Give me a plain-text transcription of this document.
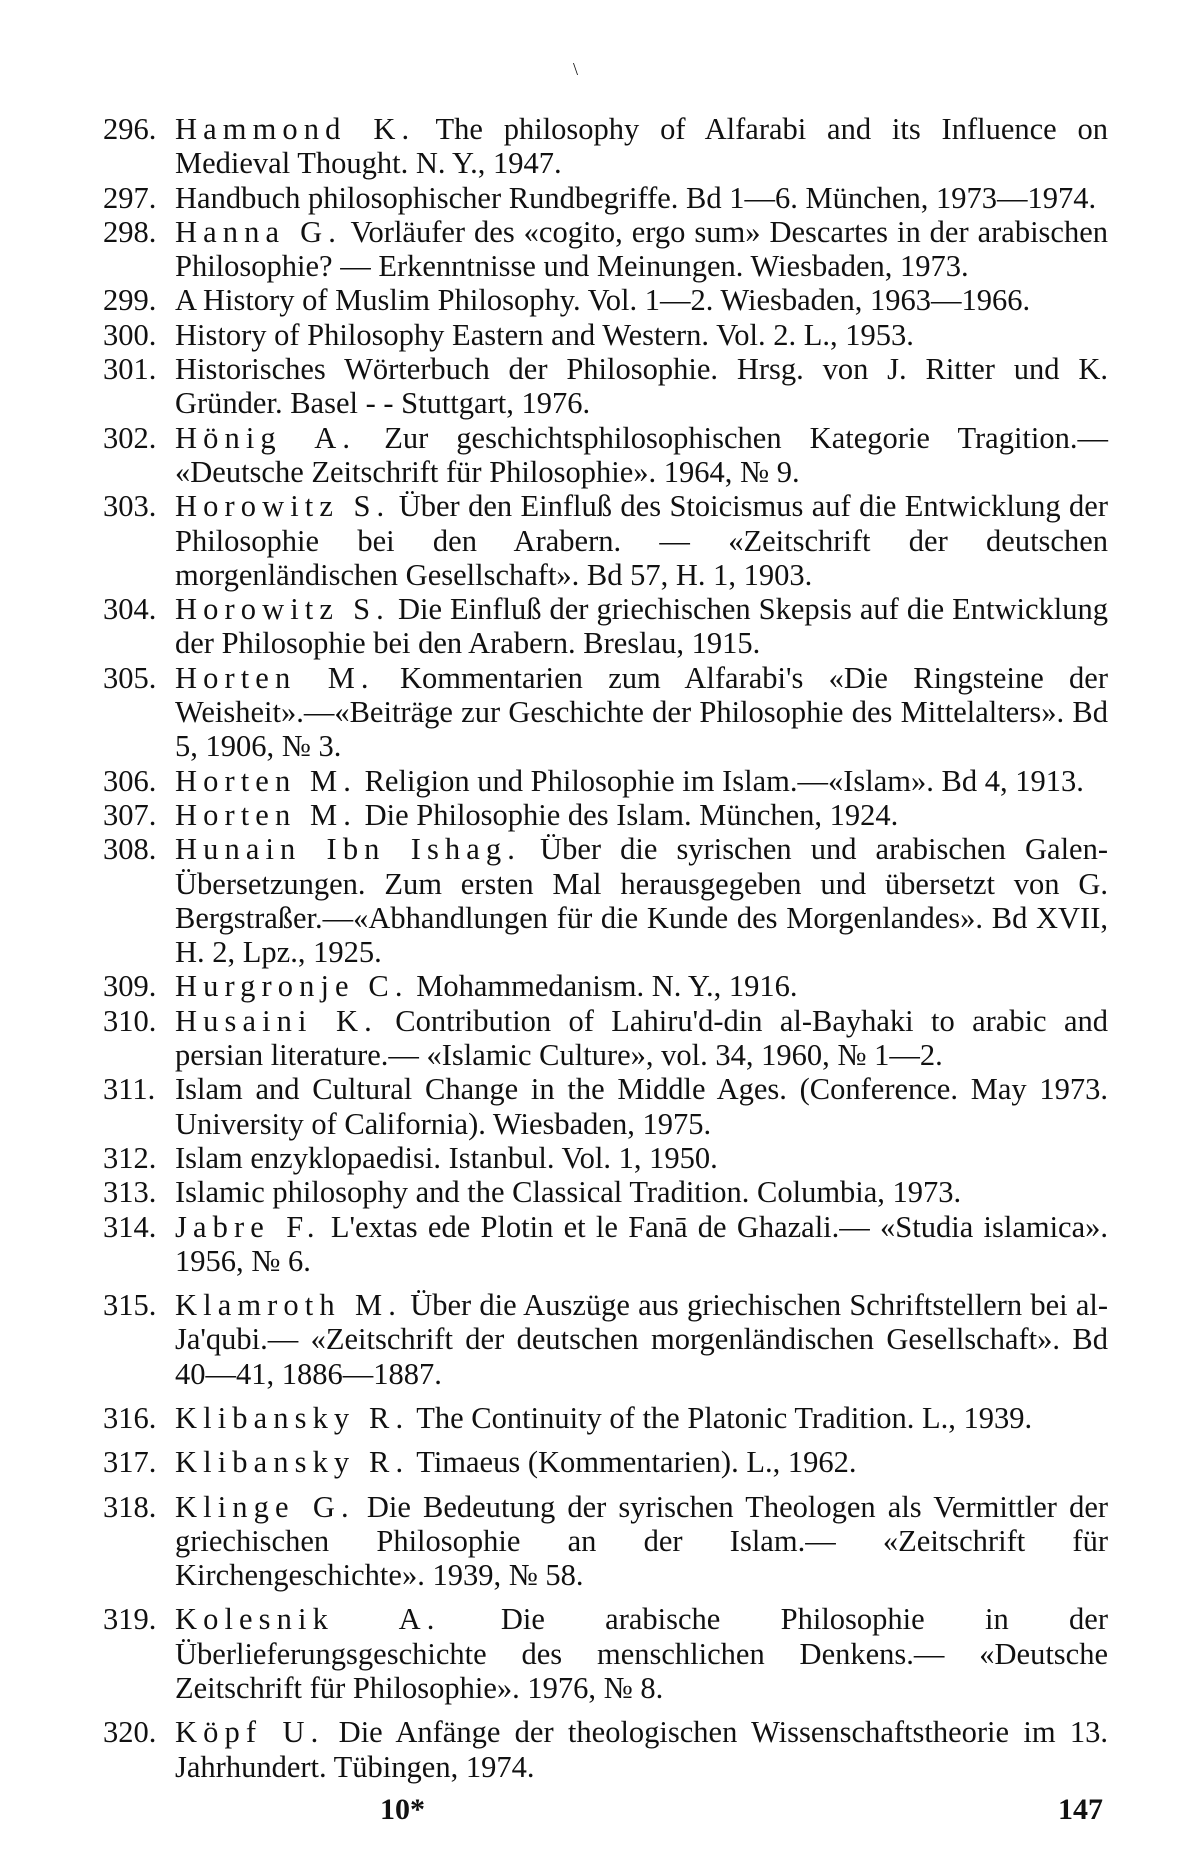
\
296. Hammond K. The philosophy of Alfarabi and its Influence on Medieval Thought. N. Y., 1947.
297. Handbuch philosophischer Rundbegriffe. Bd 1—6. München, 1973—1974.
298. Hanna G. Vorläufer des «cogito, ergo sum» Descartes in der arabischen Philosophie? — Erkenntnisse und Meinungen. Wiesbaden, 1973.
299. A History of Muslim Philosophy. Vol. 1—2. Wiesbaden, 1963—1966.
300. History of Philosophy Eastern and Western. Vol. 2. L., 1953.
301. Historisches Wörterbuch der Philosophie. Hrsg. von J. Ritter und K. Gründer. Basel - - Stuttgart, 1976.
302. Hönig A. Zur geschichtsphilosophischen Kategorie Tragition.— «Deutsche Zeitschrift für Philosophie». 1964, № 9.
303. Horowitz S. Über den Einfluß des Stoicismus auf die Entwicklung der Philosophie bei den Arabern. — «Zeitschrift der deutschen morgenländischen Gesellschaft». Bd 57, H. 1, 1903.
304. Horowitz S. Die Einfluß der griechischen Skepsis auf die Entwicklung der Philosophie bei den Arabern. Breslau, 1915.
305. Horten M. Kommentarien zum Alfarabi's «Die Ringsteine der Weisheit».—«Beiträge zur Geschichte der Philosophie des Mittelalters». Bd 5, 1906, № 3.
306. Horten M. Religion und Philosophie im Islam.—«Islam». Bd 4, 1913.
307. Horten M. Die Philosophie des Islam. München, 1924.
308. Hunain Ibn Ishag. Über die syrischen und arabischen Galen-Übersetzungen. Zum ersten Mal herausgegeben und übersetzt von G. Bergstraßer.—«Abhandlungen für die Kunde des Morgenlandes». Bd XVII, H. 2, Lpz., 1925.
309. Hurgronje C. Mohammedanism. N. Y., 1916.
310. Husaini K. Contribution of Lahiru'd-din al-Bayhaki to arabic and persian literature.— «Islamic Culture», vol. 34, 1960, № 1—2.
311. Islam and Cultural Change in the Middle Ages. (Conference. May 1973. University of California). Wiesbaden, 1975.
312. Islam enzyklopaedisi. Istanbul. Vol. 1, 1950.
313. Islamic philosophy and the Classical Tradition. Columbia, 1973.
314. Jabre F. L'extas ede Plotin et le Fanā de Ghazali.— «Studia islamica». 1956, № 6.
315. Klamroth M. Über die Auszüge aus griechischen Schriftstellern bei al-Ja'qubi.— «Zeitschrift der deutschen morgenländischen Gesellschaft». Bd 40—41, 1886—1887.
316. Klibansky R. The Continuity of the Platonic Tradition. L., 1939.
317. Klibansky R. Timaeus (Kommentarien). L., 1962.
318. Klinge G. Die Bedeutung der syrischen Theologen als Vermittler der griechischen Philosophie an der Islam.— «Zeitschrift für Kirchengeschichte». 1939, № 58.
319. Kolesnik A. Die arabische Philosophie in der Überlieferungsgeschichte des menschlichen Denkens.— «Deutsche Zeitschrift für Philosophie». 1976, № 8.
320. Köpf U. Die Anfänge der theologischen Wissenschaftstheorie im 13. Jahrhundert. Tübingen, 1974.
10*	147
